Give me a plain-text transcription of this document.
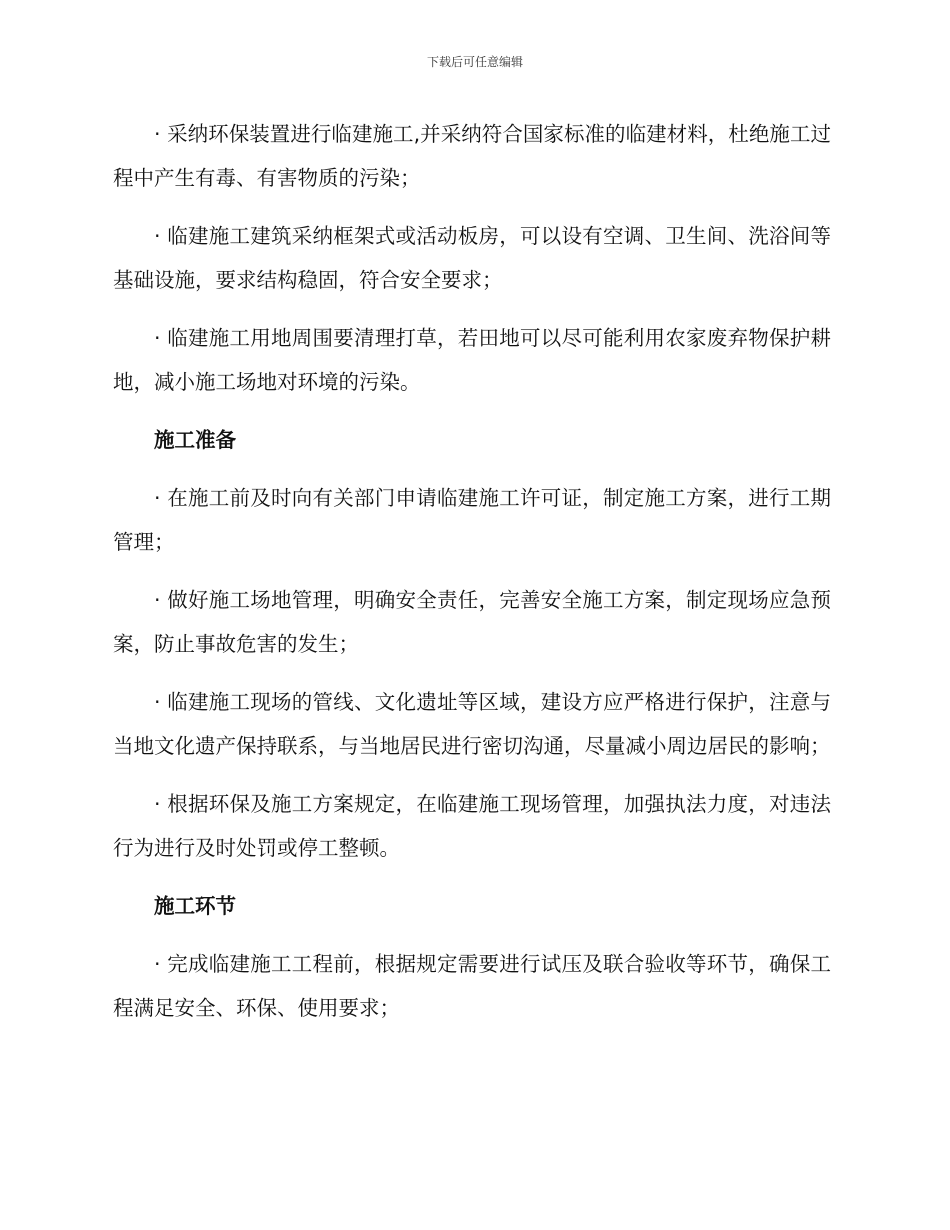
下载后可任意编辑

· 采纳环保装置进行临建施工,并采纳符合国家标准的临建材料，杜绝施工过程中产生有毒、有害物质的污染；

· 临建施工建筑采纳框架式或活动板房，可以设有空调、卫生间、洗浴间等基础设施，要求结构稳固，符合安全要求；

· 临建施工用地周围要清理打草，若田地可以尽可能利用农家废弃物保护耕地，减小施工场地对环境的污染。

施工准备

· 在施工前及时向有关部门申请临建施工许可证，制定施工方案，进行工期管理；

· 做好施工场地管理，明确安全责任，完善安全施工方案，制定现场应急预案，防止事故危害的发生；

· 临建施工现场的管线、文化遗址等区域，建设方应严格进行保护，注意与当地文化遗产保持联系，与当地居民进行密切沟通，尽量减小周边居民的影响；

· 根据环保及施工方案规定，在临建施工现场管理，加强执法力度，对违法行为进行及时处罚或停工整顿。

施工环节

· 完成临建施工工程前，根据规定需要进行试压及联合验收等环节，确保工程满足安全、环保、使用要求；
